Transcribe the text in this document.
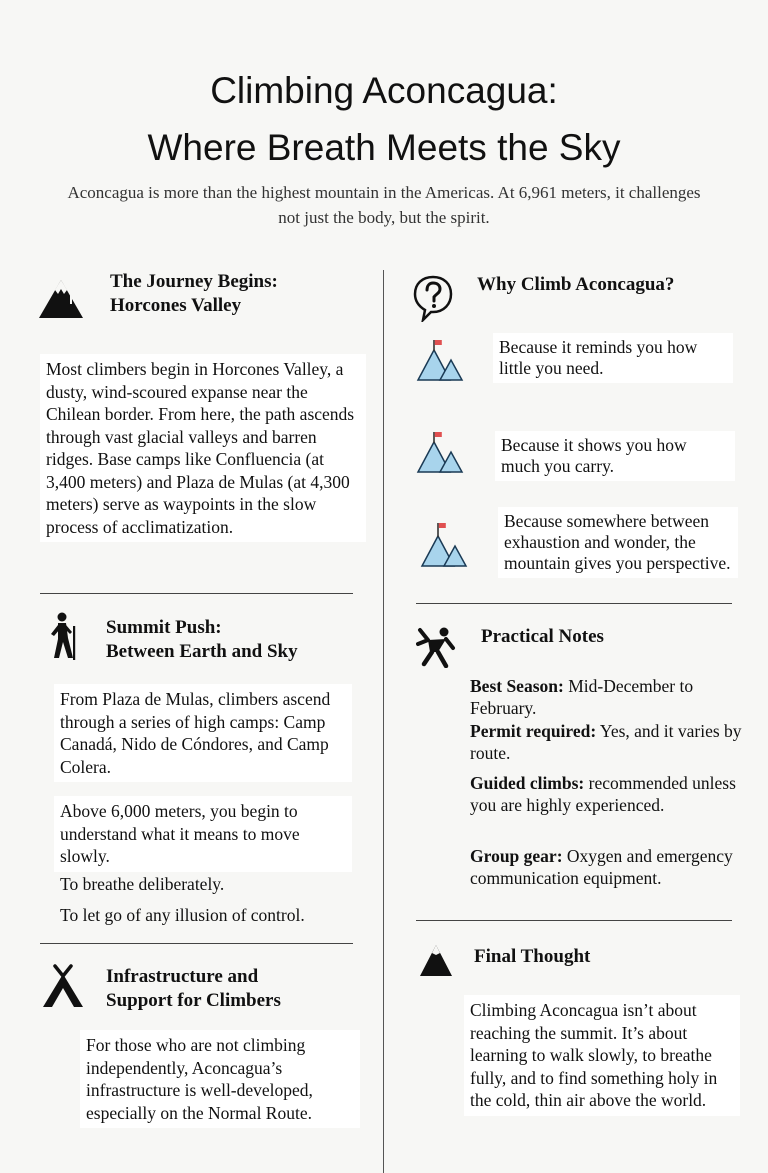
Climbing Aconcagua:
Where Breath Meets the Sky

Aconcagua is more than the highest mountain in the Americas. At 6,961 meters, it challenges not just the body, but the spirit.

The Journey Begins:
Horcones Valley

Most climbers begin in Horcones Valley, a dusty, wind-scoured expanse near the Chilean border. From here, the path ascends through vast glacial valleys and barren ridges. Base camps like Confluencia (at 3,400 meters) and Plaza de Mulas (at 4,300 meters) serve as waypoints in the slow process of acclimatization.

Summit Push:
Between Earth and Sky

From Plaza de Mulas, climbers ascend through a series of high camps: Camp Canadá, Nido de Cóndores, and Camp Colera.

Above 6,000 meters, you begin to understand what it means to move slowly.

To breathe deliberately.

To let go of any illusion of control.

Infrastructure and
Support for Climbers

For those who are not climbing independently, Aconcagua’s infrastructure is well-developed, especially on the Normal Route.

Why Climb Aconcagua?

Because it reminds you how little you need.

Because it shows you how much you carry.

Because somewhere between exhaustion and wonder, the mountain gives you perspective.

Practical Notes

Best Season: Mid-December to February.

Permit required: Yes, and it varies by route.

Guided climbs: recommended unless you are highly experienced.

Group gear: Oxygen and emergency communication equipment.

Final Thought

Climbing Aconcagua isn’t about reaching the summit. It’s about learning to walk slowly, to breathe fully, and to find something holy in the cold, thin air above the world.
